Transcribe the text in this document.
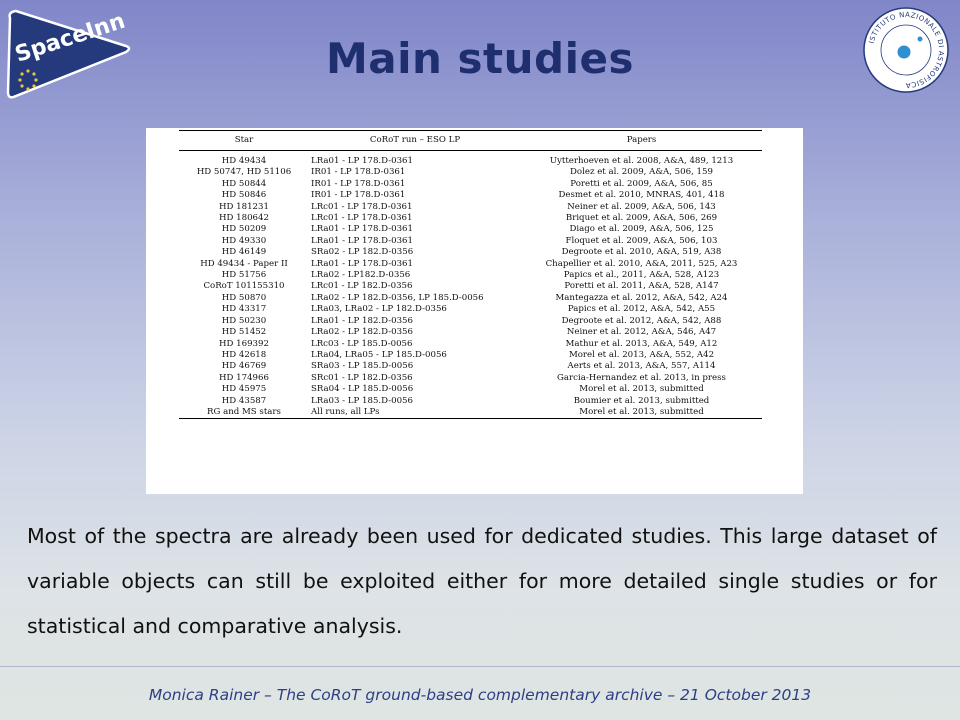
SpaceInn	ISTITUTO NAZIONALE DI ASTROFISICA
Main studies
Star	CoRoT run – ESO LP	Papers
HD 49434	LRa01 - LP 178.D-0361	Uytterhoeven et al. 2008, A&A, 489, 1213
HD 50747, HD 51106	IR01 - LP 178.D-0361	Dolez et al. 2009, A&A, 506, 159
HD 50844	IR01 - LP 178.D-0361	Poretti et al. 2009, A&A, 506, 85
HD 50846	IR01 - LP 178.D-0361	Desmet et al. 2010, MNRAS, 401, 418
HD 181231	LRc01 - LP 178.D-0361	Neiner et al. 2009, A&A, 506, 143
HD 180642	LRc01 - LP 178.D-0361	Briquet et al. 2009, A&A, 506, 269
HD 50209	LRa01 - LP 178.D-0361	Diago et al. 2009, A&A, 506, 125
HD 49330	LRa01 - LP 178.D-0361	Floquet et al. 2009, A&A, 506, 103
HD 46149	SRa02 - LP 182.D-0356	Degroote et al. 2010, A&A, 519, A38
HD 49434 - Paper II	LRa01 - LP 178.D-0361	Chapellier et al. 2010, A&A, 2011, 525, A23
HD 51756	LRa02 - LP182.D-0356	Papics et al., 2011, A&A, 528, A123
CoRoT 101155310	LRc01 - LP 182.D-0356	Poretti et al. 2011, A&A, 528, A147
HD 50870	LRa02 - LP 182.D-0356, LP 185.D-0056	Mantegazza et al. 2012, A&A, 542, A24
HD 43317	LRa03, LRa02 - LP 182.D-0356	Papics et al. 2012, A&A, 542, A55
HD 50230	LRa01 - LP 182.D-0356	Degroote et al. 2012, A&A, 542, A88
HD 51452	LRa02 - LP 182.D-0356	Neiner et al. 2012, A&A, 546, A47
HD 169392	LRc03 - LP 185.D-0056	Mathur et al. 2013, A&A, 549, A12
HD 42618	LRa04, LRa05 - LP 185.D-0056	Morel et al. 2013, A&A, 552, A42
HD 46769	SRa03 - LP 185.D-0056	Aerts et al. 2013, A&A, 557, A114
HD 174966	SRc01 - LP 182.D-0356	Garcia-Hernandez et al. 2013, in press
HD 45975	SRa04 - LP 185.D-0056	Morel et al. 2013, submitted
HD 43587	LRa03 - LP 185.D-0056	Boumier et al. 2013, submitted
RG and MS stars	All runs, all LPs	Morel et al. 2013, submitted
Most of the spectra are already been used for dedicated studies. This large dataset of variable objects can still be exploited either for more detailed single studies or for statistical and comparative analysis.
Monica Rainer – The CoRoT ground-based complementary archive – 21 October 2013
